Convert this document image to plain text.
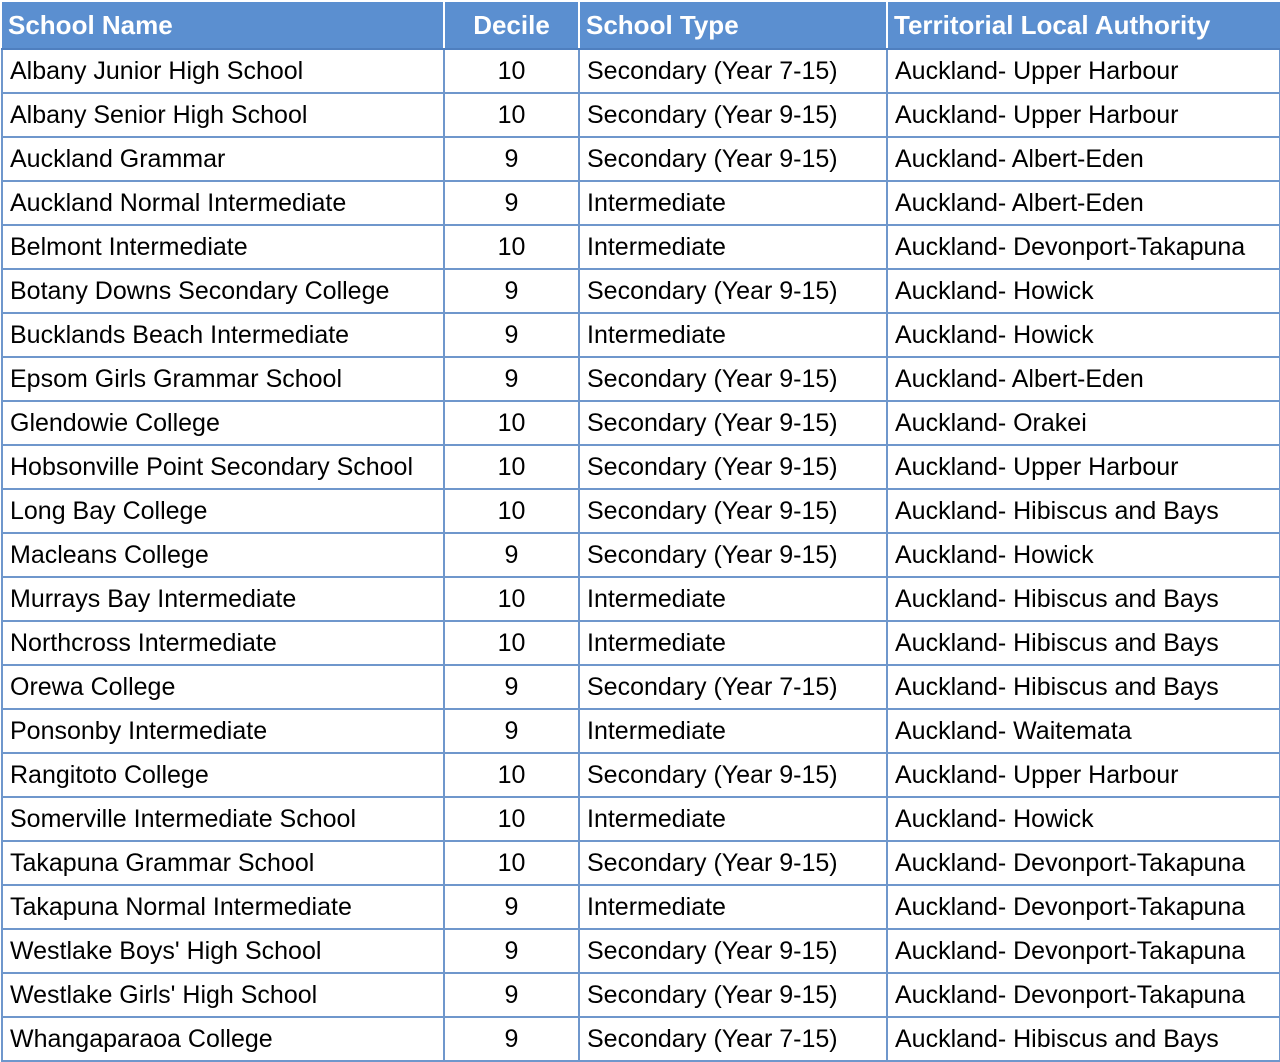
School Name	Decile	School Type	Territorial Local Authority
Albany Junior High School	10	Secondary (Year 7-15)	Auckland- Upper Harbour
Albany Senior High School	10	Secondary (Year 9-15)	Auckland- Upper Harbour
Auckland Grammar	9	Secondary (Year 9-15)	Auckland- Albert-Eden
Auckland Normal Intermediate	9	Intermediate	Auckland- Albert-Eden
Belmont Intermediate	10	Intermediate	Auckland- Devonport-Takapuna
Botany Downs Secondary College	9	Secondary (Year 9-15)	Auckland- Howick
Bucklands Beach Intermediate	9	Intermediate	Auckland- Howick
Epsom Girls Grammar School	9	Secondary (Year 9-15)	Auckland- Albert-Eden
Glendowie College	10	Secondary (Year 9-15)	Auckland- Orakei
Hobsonville Point Secondary School	10	Secondary (Year 9-15)	Auckland- Upper Harbour
Long Bay College	10	Secondary (Year 9-15)	Auckland- Hibiscus and Bays
Macleans College	9	Secondary (Year 9-15)	Auckland- Howick
Murrays Bay Intermediate	10	Intermediate	Auckland- Hibiscus and Bays
Northcross Intermediate	10	Intermediate	Auckland- Hibiscus and Bays
Orewa College	9	Secondary (Year 7-15)	Auckland- Hibiscus and Bays
Ponsonby Intermediate	9	Intermediate	Auckland- Waitemata
Rangitoto College	10	Secondary (Year 9-15)	Auckland- Upper Harbour
Somerville Intermediate School	10	Intermediate	Auckland- Howick
Takapuna Grammar School	10	Secondary (Year 9-15)	Auckland- Devonport-Takapuna
Takapuna Normal Intermediate	9	Intermediate	Auckland- Devonport-Takapuna
Westlake Boys' High School	9	Secondary (Year 9-15)	Auckland- Devonport-Takapuna
Westlake Girls' High School	9	Secondary (Year 9-15)	Auckland- Devonport-Takapuna
Whangaparaoa College	9	Secondary (Year 7-15)	Auckland- Hibiscus and Bays
